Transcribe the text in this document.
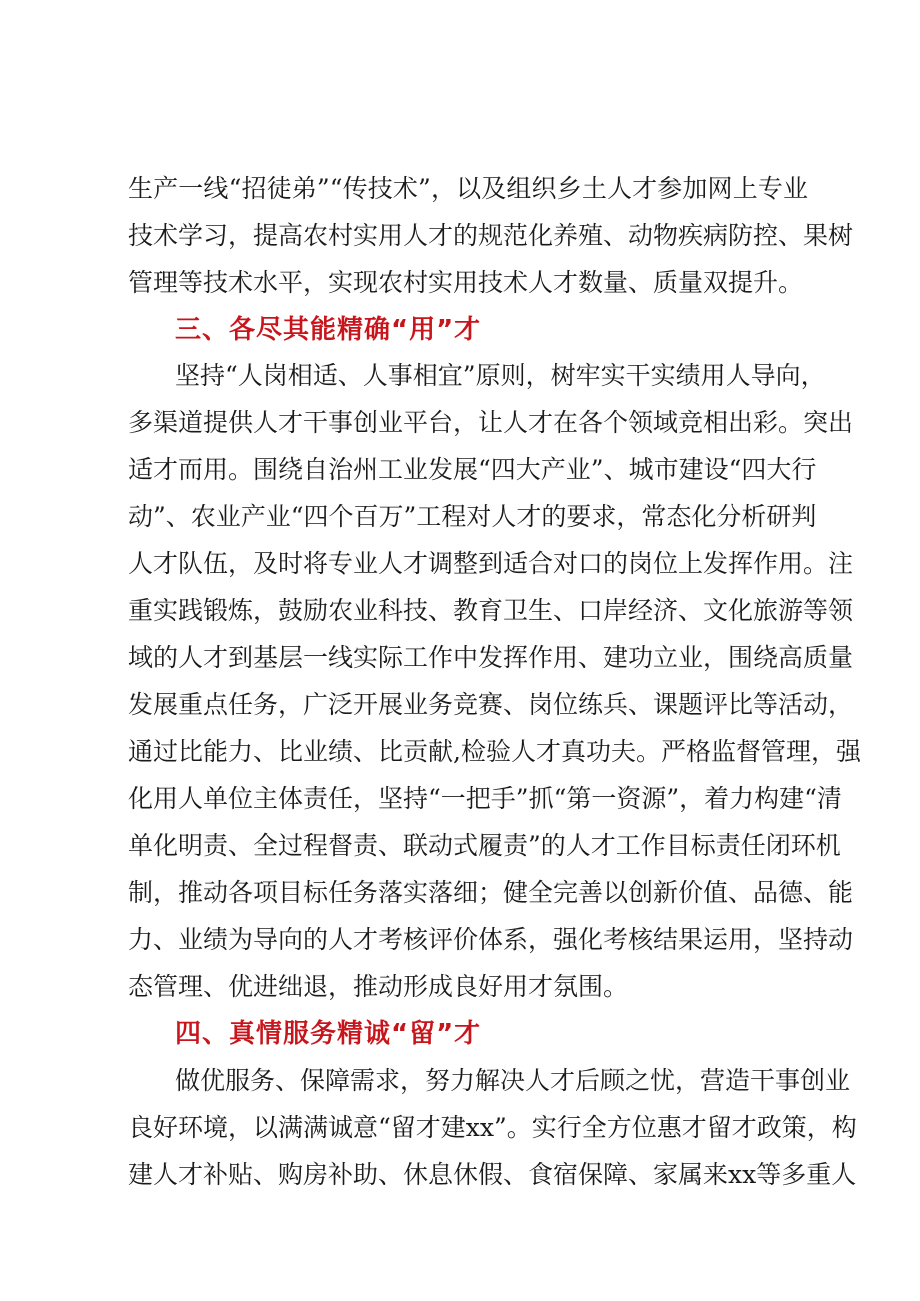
生产一线“招徒弟”“传技术”，以及组织乡土人才参加网上专业
技术学习，提高农村实用人才的规范化养殖、动物疾病防控、果树
管理等技术水平，实现农村实用技术人才数量、质量双提升。
三、各尽其能精确“用”才
坚持“人岗相适、人事相宜”原则，树牢实干实绩用人导向，
多渠道提供人才干事创业平台，让人才在各个领域竞相出彩。突出
适才而用。围绕自治州工业发展“四大产业”、城市建设“四大行
动”、农业产业“四个百万”工程对人才的要求，常态化分析研判
人才队伍，及时将专业人才调整到适合对口的岗位上发挥作用。注
重实践锻炼，鼓励农业科技、教育卫生、口岸经济、文化旅游等领
域的人才到基层一线实际工作中发挥作用、建功立业，围绕高质量
发展重点任务，广泛开展业务竞赛、岗位练兵、课题评比等活动，
通过比能力、比业绩、比贡献,检验人才真功夫。严格监督管理，强
化用人单位主体责任，坚持“一把手”抓“第一资源”，着力构建“清
单化明责、全过程督责、联动式履责”的人才工作目标责任闭环机
制，推动各项目标任务落实落细；健全完善以创新价值、品德、能
力、业绩为导向的人才考核评价体系，强化考核结果运用，坚持动
态管理、优进绌退，推动形成良好用才氛围。
四、真情服务精诚“留”才
做优服务、保障需求，努力解决人才后顾之忧，营造干事创业
良好环境，以满满诚意“留才建xx”。实行全方位惠才留才政策，构
建人才补贴、购房补助、休息休假、食宿保障、家属来xx等多重人
